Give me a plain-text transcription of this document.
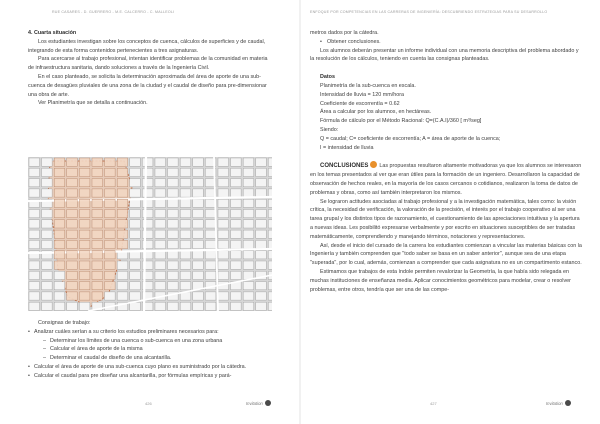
RUE CASARES - D. GUERRERO - M.E. CALCERRO - C. MALLEOLI

4. Cuarta situación

Los estudiantes investigan sobre los conceptos de cuenca, cálculos de superficies y de caudal, integrando de esta forma contenidos pertenecientes a tres asignaturas.

Para acercarse al trabajo profesional, intentan identificar problemas de la comunidad en materia de infraestructura sanitaria, dando soluciones a través de la Ingeniería Civil.

En el caso planteado, se solicita la determinación aproximada del área de aporte de una sub-cuenca de desagües pluviales de una zona de la ciudad y el caudal de diseño para pre-dimensionar una obra de arte.

Ver Planimetría que se detalla a continuación.

Consignas de trabajo:

• Analizar cuáles serían a su criterio los estudios preliminares necesarios para:

– Determinar los límites de una cuenca o sub-cuenca en una zona urbana

– Calcular el área de aporte de la misma

– Determinar el caudal de diseño de una alcantarilla.

• Calcular el área de aporte de una sub-cuenca cuyo plano es suministrado por la cátedra.

• Calcular el caudal para pre diseñar una alcantarilla, por fórmulas empíricas y pará-

426	Invitation
ENFOQUE POR COMPETENCIAS EN LAS CARRERAS DE INGENIERÍA: DESCUBRIENDO ESTRATEGIAS PARA SU DESARROLLO

metros dados por la cátedra.

• Obtener conclusiones.

Los alumnos deberán presentar un informe individual con una memoria descriptiva del problema abordado y la resolución de los cálculos, teniendo en cuenta las consignas planteadas.

Datos

Planimetría de la sub-cuenca en escala.

Intensidad de lluvia = 120 mm/hora

Coeficiente de escorrentía = 0.62

Área a calcular por los alumnos, en hectáreas.

Fórmula de cálculo por el Método Racional: Q=(C.A.I)/360 [ m³/seg]

Siendo:

Q = caudal; C= coeficiente de escorrentía; A = área de aporte de la cuenca;

I = intensidad de lluvia

CONCLUSIONES Las propuestas resultaron altamente motivadoras ya que los alumnos se interesaron en los temas presentados al ver que eran útiles para la formación de un ingeniero. Desarrollaron la capacidad de observación de hechos reales, en la mayoría de los casos cercanos o cotidianos, realizaron la toma de datos de problemas y obras, como así también interpretaron los mismos.

Se lograron actitudes asociadas al trabajo profesional y a la investigación matemática, tales como: la visión crítica, la necesidad de verificación, la valoración de la precisión, el interés por el trabajo cooperativo al ser una tarea grupal y los distintos tipos de razonamiento, el cuestionamiento de las apreciaciones intuitivas y la apertura a nuevas ideas. Les posibilitó expresarse verbalmente y por escrito en situaciones susceptibles de ser tratadas matemáticamente, comprendiendo y manejando términos, notaciones y representaciones.

Así, desde el inicio del cursado de la carrera los estudiantes comienzan a vincular las materias básicas con la Ingeniería y también comprenden que "todo saber se basa en un saber anterior", aunque sea de una etapa "superada", por lo cual, además, comienzan a comprender que cada asignatura no es un compartimento estanco.

Estimamos que trabajos de esta índole permiten revalorizar la Geometría, la que había sido relegada en muchas instituciones de enseñanza media. Aplicar conocimientos geométricos para modelar, crear o resolver problemas, entre otros, tendría que ser una de las compe-

427	Invitation
